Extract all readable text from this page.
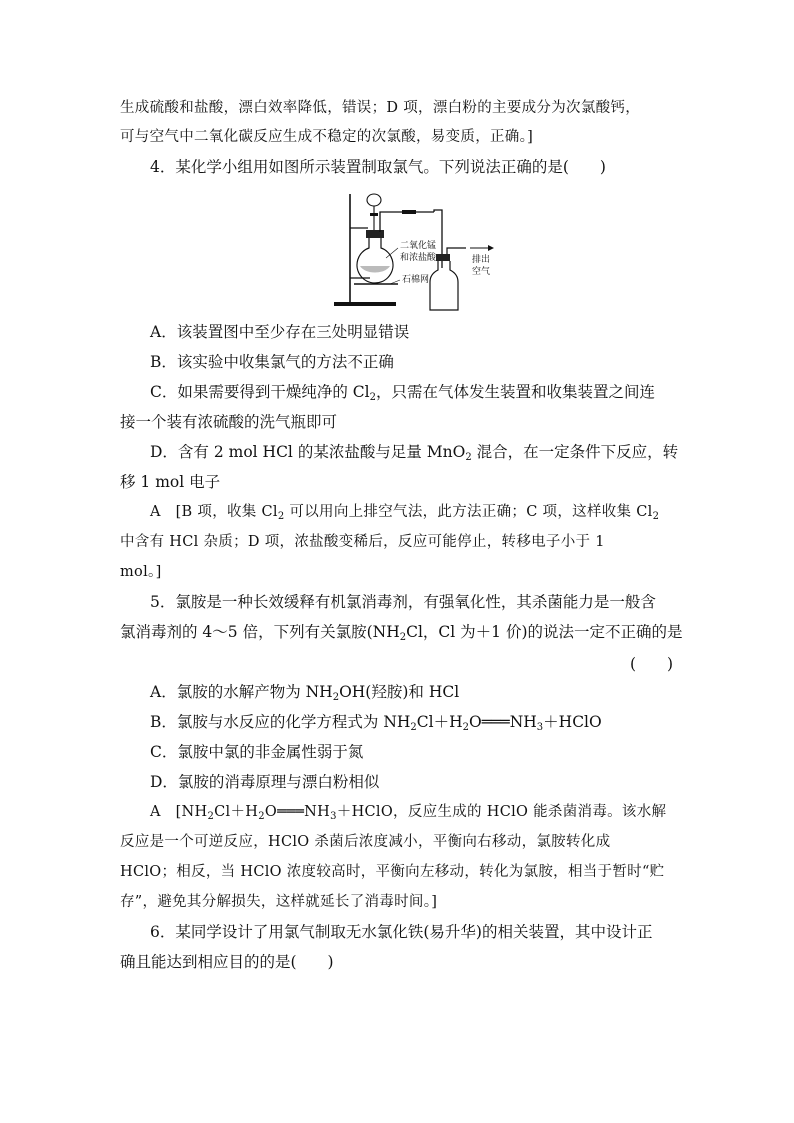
生成硫酸和盐酸，漂白效率降低，错误；D 项，漂白粉的主要成分为次氯酸钙，
可与空气中二氧化碳反应生成不稳定的次氯酸，易变质，正确。]
4．某化学小组用如图所示装置制取氯气。下列说法正确的是(　　)
二氧化锰
和浓盐酸
石棉网
排出
空气
A．该装置图中至少存在三处明显错误
B．该实验中收集氯气的方法不正确
C．如果需要得到干燥纯净的 $Cl_2$，只需在气体发生装置和收集装置之间连
接一个装有浓硫酸的洗气瓶即可
D．含有 2 mol HCl 的某浓盐酸与足量 MnO$_2$ 混合，在一定条件下反应，转
移 1 mol 电子
A　[B 项，收集 $Cl_2$ 可以用向上排空气法，此方法正确；C 项，这样收集 $Cl_2$
中含有 HCl 杂质；D 项，浓盐酸变稀后，反应可能停止，转移电子小于 1
mol。]
5．氯胺是一种长效缓释有机氯消毒剂，有强氧化性，其杀菌能力是一般含
氯消毒剂的 4～5 倍，下列有关氯胺($NH_2Cl$，Cl 为＋1 价)的说法一定不正确的是
(　　)
A．氯胺的水解产物为 $NH_2OH$(羟胺)和 HCl
B．氯胺与水反应的化学方程式为 $NH_2Cl+H_2O═══NH_3+HClO$
C．氯胺中氯的非金属性弱于氮
D．氯胺的消毒原理与漂白粉相似
A　[$NH_2Cl+H_2O═══NH_3+HClO$，反应生成的 HClO 能杀菌消毒。该水解
反应是一个可逆反应，HClO 杀菌后浓度减小，平衡向右移动，氯胺转化成
HClO；相反，当 HClO 浓度较高时，平衡向左移动，转化为氯胺，相当于暂时“贮
存”，避免其分解损失，这样就延长了消毒时间。]
6．某同学设计了用氯气制取无水氯化铁(易升华)的相关装置，其中设计正
确且能达到相应目的的是(　　)
